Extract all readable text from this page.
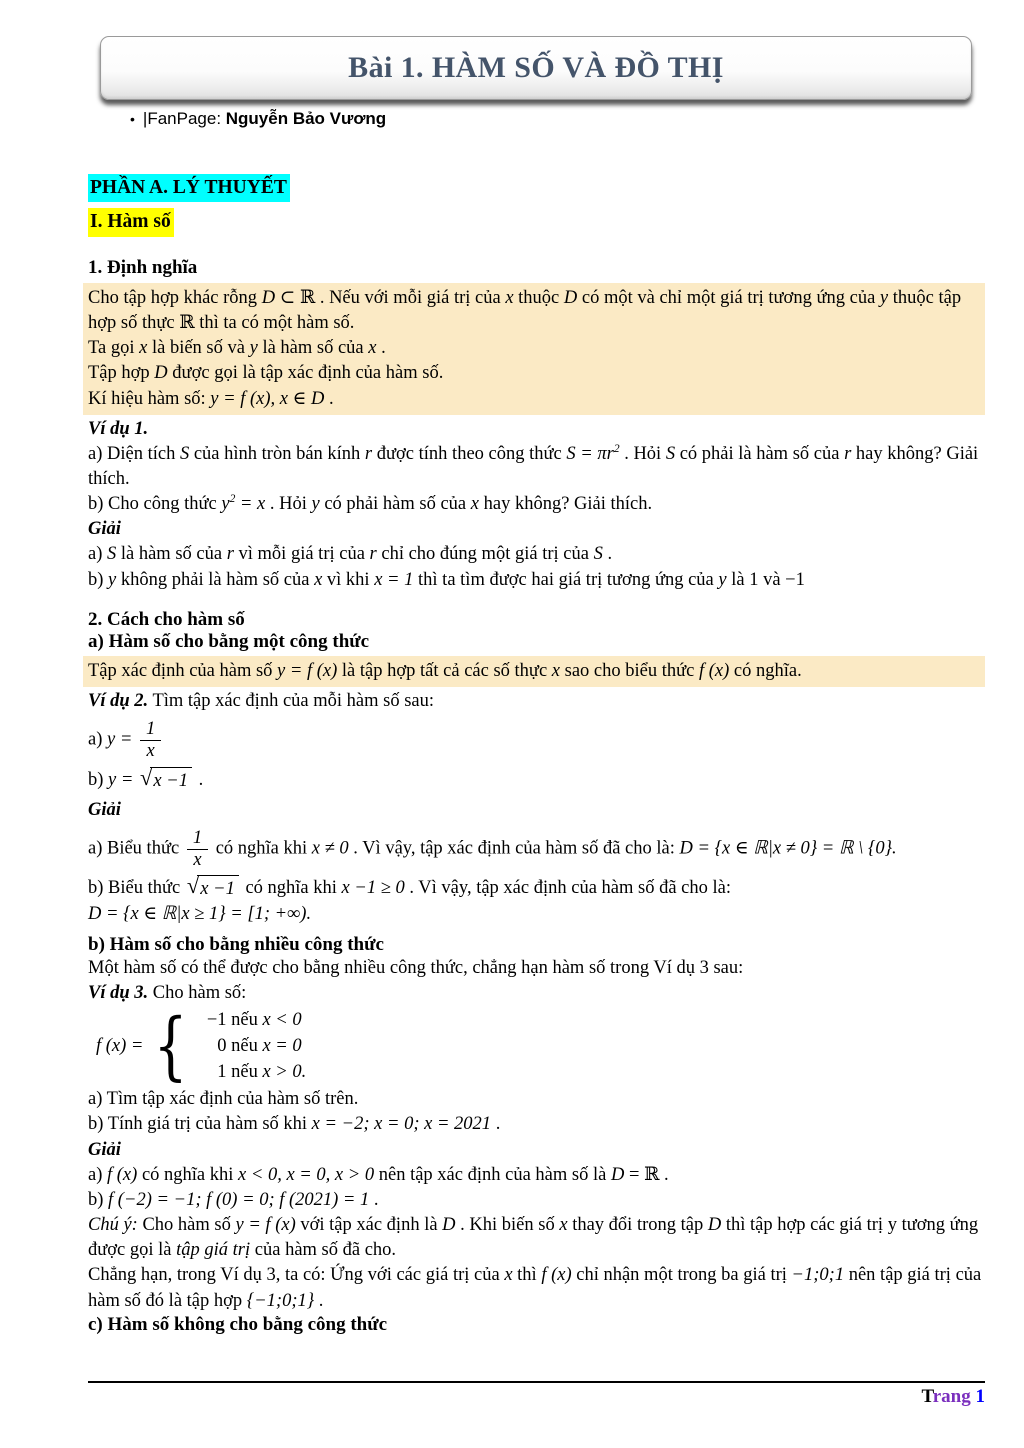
Bài 1. HÀM SỐ VÀ ĐỒ THỊ
• |FanPage: Nguyễn Bảo Vương
PHẦN A. LÝ THUYẾT
I. Hàm số

1. Định nghĩa

Cho tập hợp khác rỗng D ⊂ ℝ . Nếu với mỗi giá trị của x thuộc D có một và chỉ một giá trị tương ứng của y thuộc tập hợp số thực ℝ thì ta có một hàm số.

Ta gọi x là biến số và y là hàm số của x .

Tập hợp D được gọi là tập xác định của hàm số.

Kí hiệu hàm số: y = f (x), x ∈ D .

Ví dụ 1.

a) Diện tích S của hình tròn bán kính r được tính theo công thức $S = \pi r^2$ . Hỏi S có phải là hàm số của r hay không? Giải thích.

b) Cho công thức $y^2 = x$ . Hỏi y có phải hàm số của x hay không? Giải thích.

Giải

a) S là hàm số của r vì mỗi giá trị của r chỉ cho đúng một giá trị của S .

b) y không phải là hàm số của x vì khi x = 1 thì ta tìm được hai giá trị tương ứng của y là 1 và −1

2. Cách cho hàm số

a) Hàm số cho bằng một công thức

Tập xác định của hàm số y = f (x) là tập hợp tất cả các số thực x sao cho biểu thức f (x) có nghĩa.

Ví dụ 2. Tìm tập xác định của mỗi hàm số sau:

a) $y = \frac{1}{x}$

b) y = √ x −1 .

Giải

a) Biểu thức $\frac{1}{x}$ có nghĩa khi x ≠ 0 . Vì vậy, tập xác định của hàm số đã cho là: D = {x ∈ ℝ|x ≠ 0} = ℝ \ {0}.

b) Biểu thức √ x −1 có nghĩa khi x −1 ≥ 0 . Vì vậy, tập xác định của hàm số đã cho là:

D = {x ∈ ℝ|x ≥ 1} = [1; +∞).

b) Hàm số cho bằng nhiều công thức

Một hàm số có thể được cho bằng nhiều công thức, chẳng hạn hàm số trong Ví dụ 3 sau:

Ví dụ 3. Cho hàm số:

f (x) = {	−1 nếu x < 0
0 nếu x = 0
1 nếu x > 0.

a) Tìm tập xác định của hàm số trên.

b) Tính giá trị của hàm số khi x = −2; x = 0; x = 2021 .

Giải

a) f (x) có nghĩa khi x < 0, x = 0, x > 0 nên tập xác định của hàm số là D = ℝ .

b) f (−2) = −1; f (0) = 0; f (2021) = 1 .

Chú ý: Cho hàm số y = f (x) với tập xác định là D . Khi biến số x thay đổi trong tập D thì tập hợp các giá trị y tương ứng được gọi là tập giá trị của hàm số đã cho.

Chẳng hạn, trong Ví dụ 3, ta có: Ứng với các giá trị của x thì f (x) chỉ nhận một trong ba giá trị −1;0;1 nên tập giá trị của hàm số đó là tập hợp {−1;0;1} .

c) Hàm số không cho bằng công thức

Trang 1
